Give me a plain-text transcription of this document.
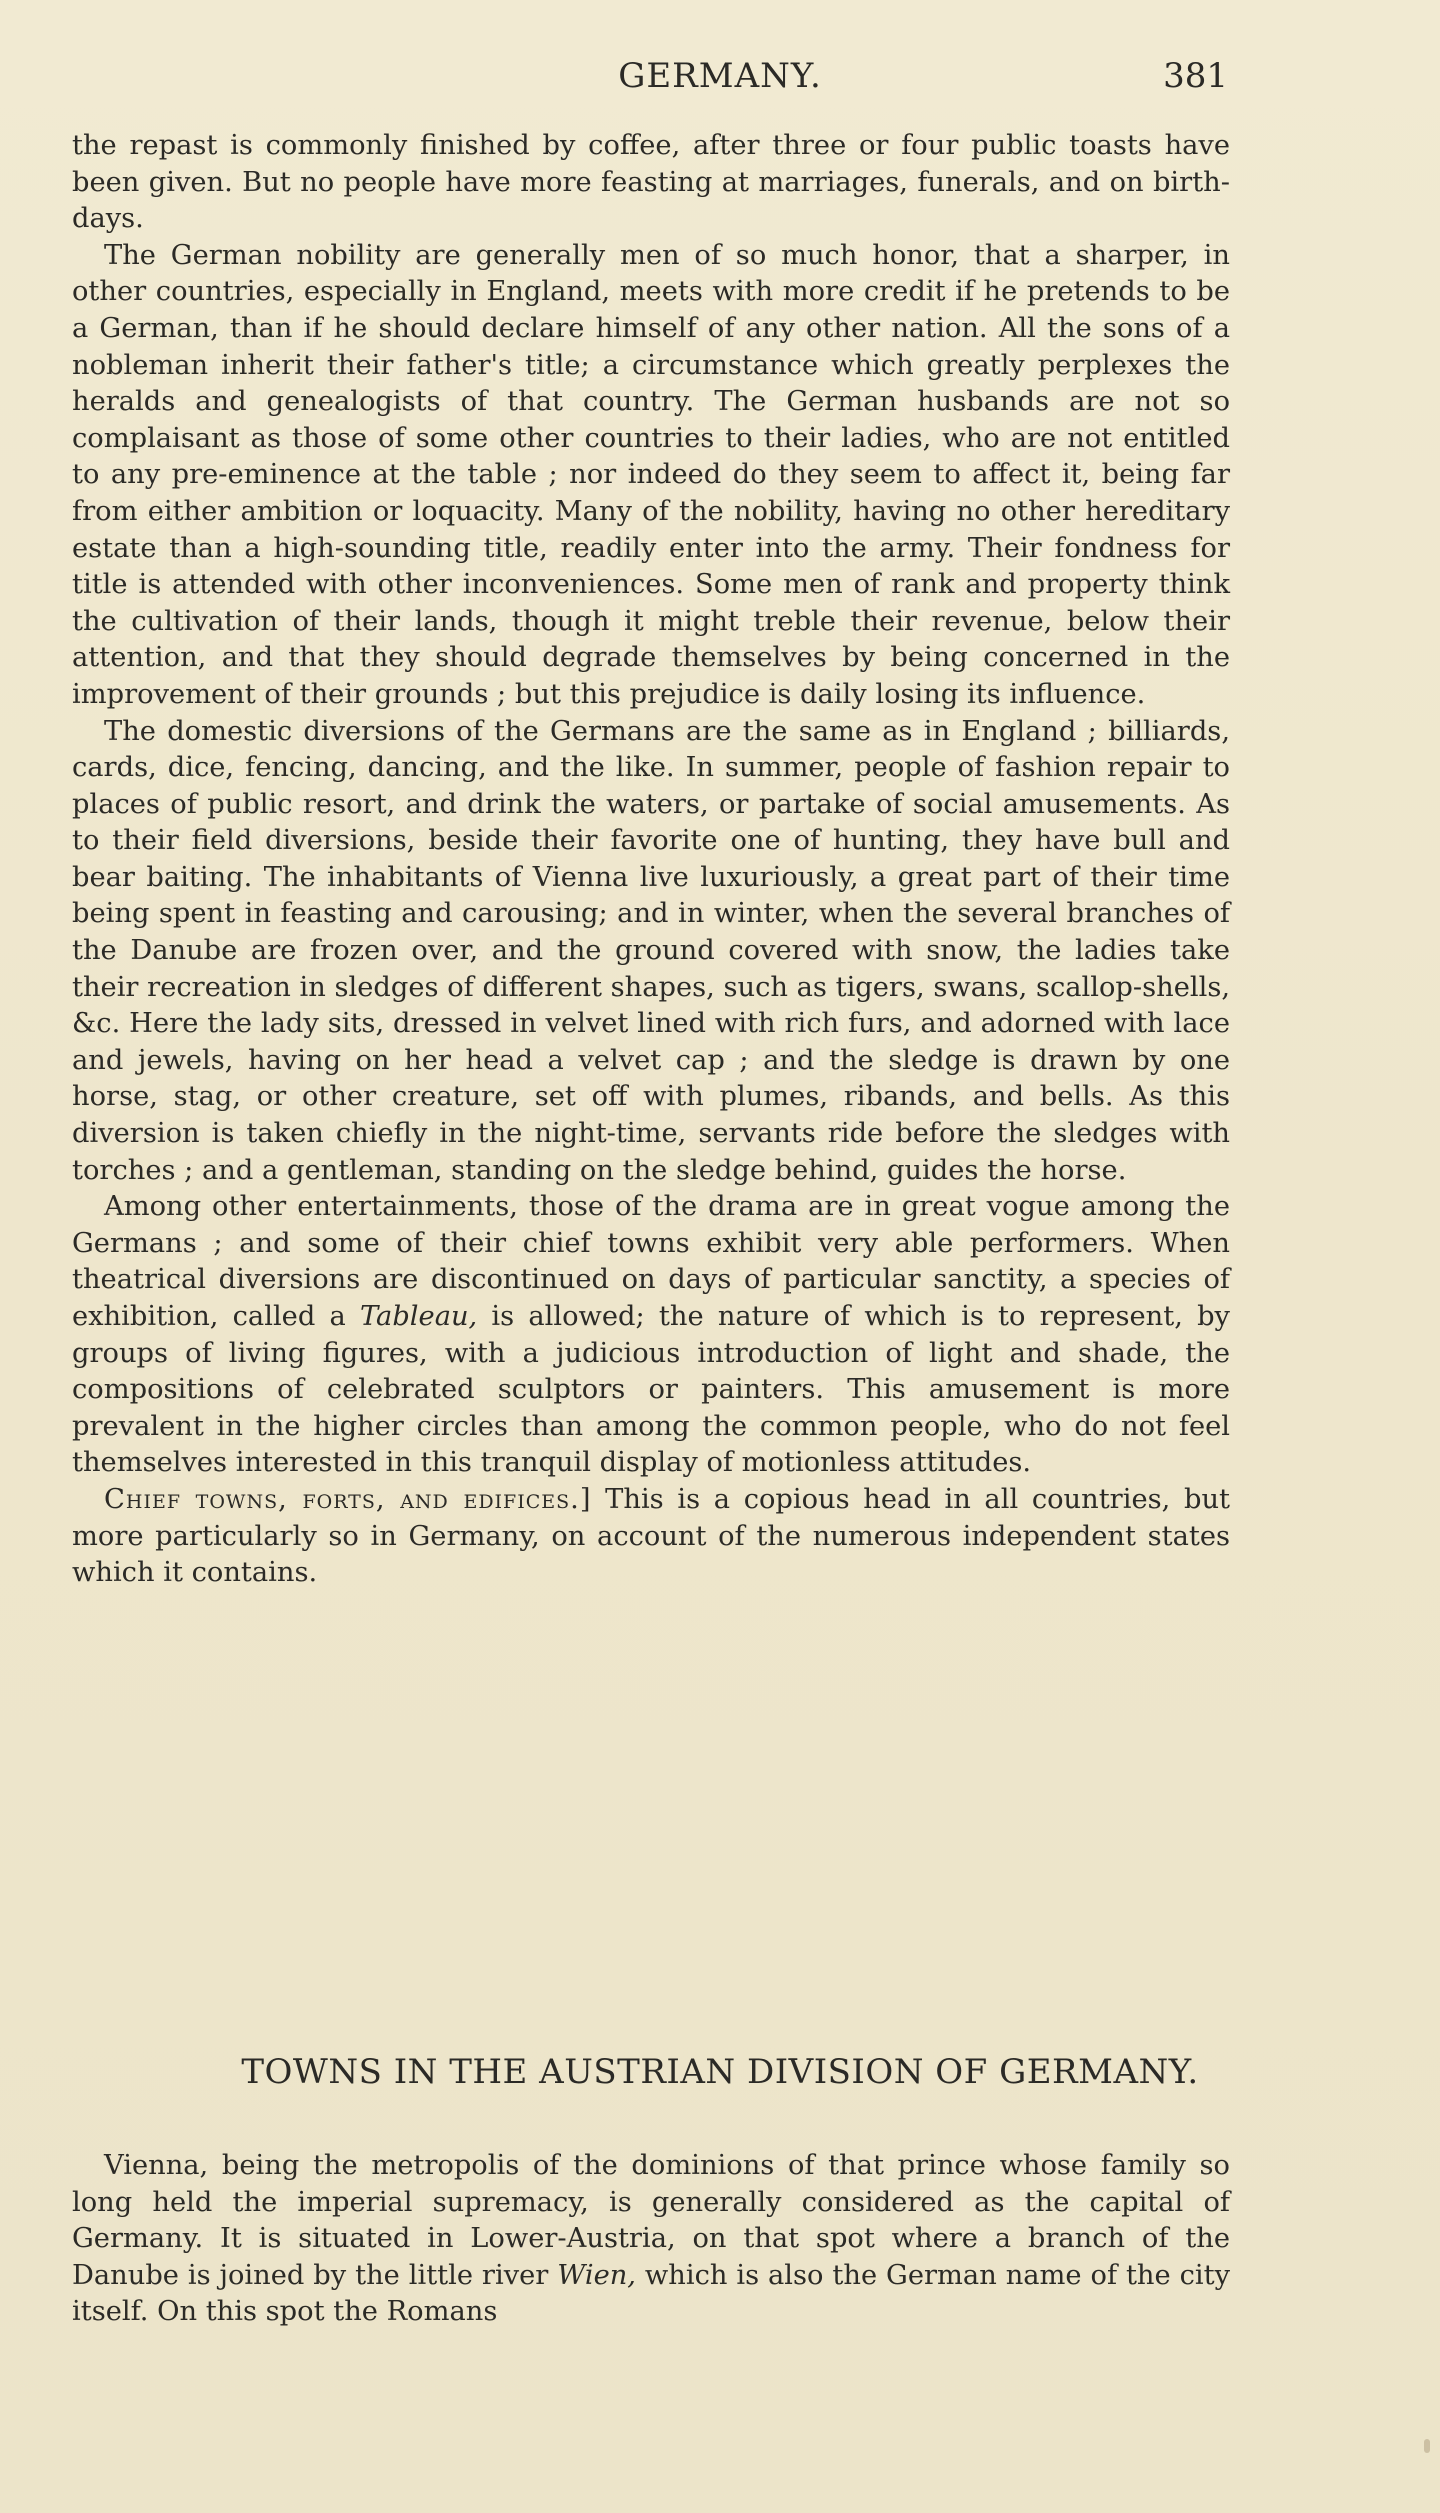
GERMANY.	381

the repast is commonly finished by coffee, after three or four public toasts have been given. But no people have more feasting at marriages, funerals, and on birth-days.

The German nobility are generally men of so much honor, that a sharper, in other countries, especially in England, meets with more credit if he pretends to be a German, than if he should declare himself of any other nation. All the sons of a nobleman inherit their father's title; a circumstance which greatly perplexes the heralds and genealogists of that country. The German husbands are not so complaisant as those of some other countries to their ladies, who are not entitled to any pre-eminence at the table ; nor indeed do they seem to affect it, being far from either ambition or loquacity. Many of the nobility, having no other hereditary estate than a high-sounding title, readily enter into the army. Their fondness for title is attended with other inconveniences. Some men of rank and property think the cultivation of their lands, though it might treble their revenue, below their attention, and that they should degrade themselves by being concerned in the improvement of their grounds ; but this prejudice is daily losing its influence.

The domestic diversions of the Germans are the same as in England ; billiards, cards, dice, fencing, dancing, and the like. In summer, people of fashion repair to places of public resort, and drink the waters, or partake of social amusements. As to their field diversions, beside their favorite one of hunting, they have bull and bear baiting. The inhabitants of Vienna live luxuriously, a great part of their time being spent in feasting and carousing; and in winter, when the several branches of the Danube are frozen over, and the ground covered with snow, the ladies take their recreation in sledges of different shapes, such as tigers, swans, scallop-shells, &c. Here the lady sits, dressed in velvet lined with rich furs, and adorned with lace and jewels, having on her head a velvet cap ; and the sledge is drawn by one horse, stag, or other creature, set off with plumes, ribands, and bells. As this diversion is taken chiefly in the night-time, servants ride before the sledges with torches ; and a gentleman, standing on the sledge behind, guides the horse.

Among other entertainments, those of the drama are in great vogue among the Germans ; and some of their chief towns exhibit very able performers. When theatrical diversions are discontinued on days of particular sanctity, a species of exhibition, called a Tableau, is allowed; the nature of which is to represent, by groups of living figures, with a judicious introduction of light and shade, the compositions of celebrated sculptors or painters. This amusement is more prevalent in the higher circles than among the common people, who do not feel themselves interested in this tranquil display of motionless attitudes.

Chief towns, forts, and edifices.] This is a copious head in all countries, but more particularly so in Germany, on account of the numerous independent states which it contains.

TOWNS IN THE AUSTRIAN DIVISION OF GERMANY.

Vienna, being the metropolis of the dominions of that prince whose family so long held the imperial supremacy, is generally considered as the capital of Germany. It is situated in Lower-Austria, on that spot where a branch of the Danube is joined by the little river Wien, which is also the German name of the city itself. On this spot the Romans
